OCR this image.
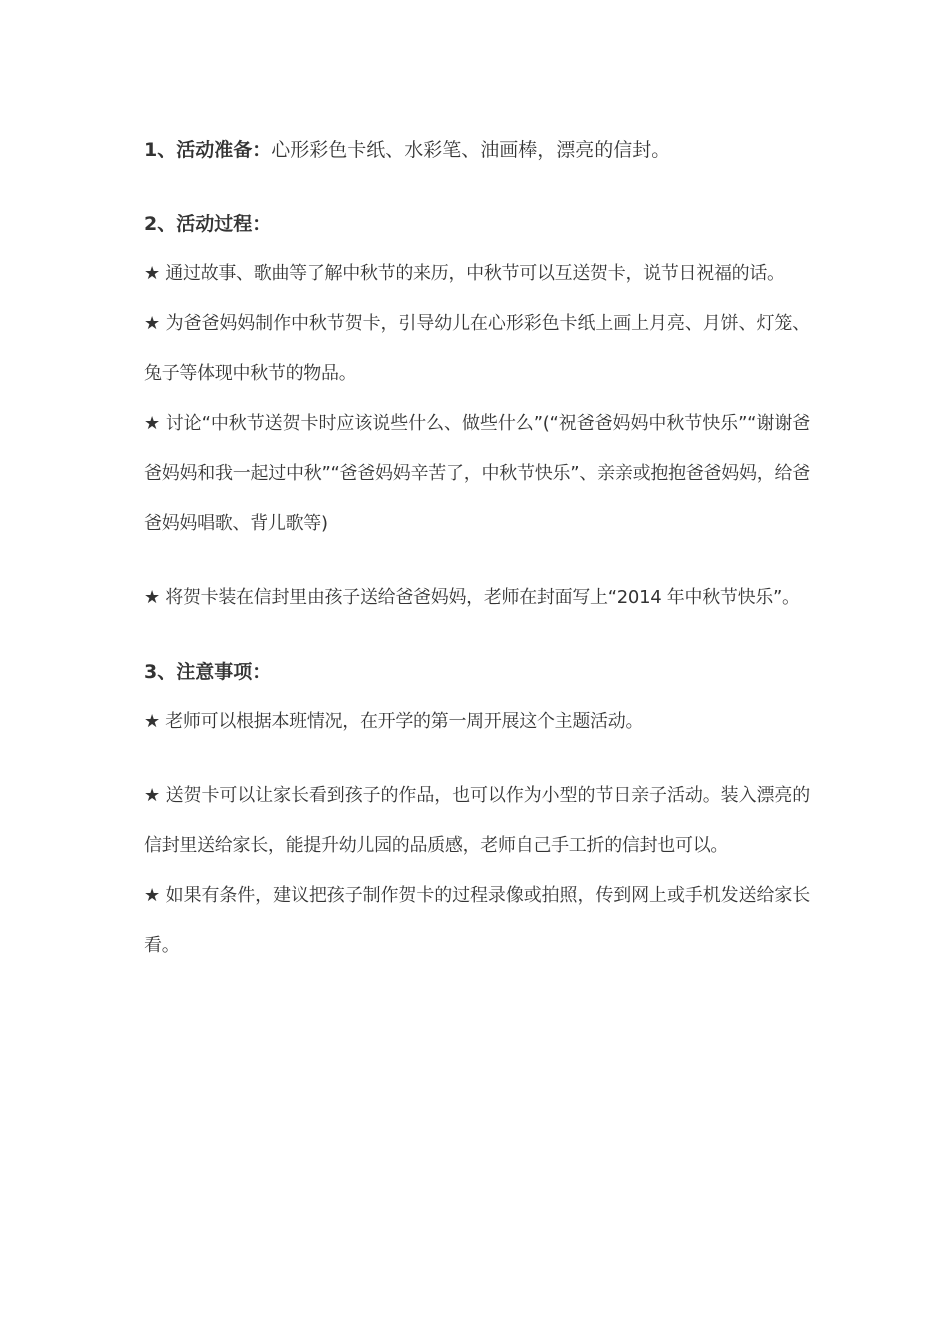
1、活动准备：心形彩色卡纸、水彩笔、油画棒，漂亮的信封。

2、活动过程：

★ 通过故事、歌曲等了解中秋节的来历，中秋节可以互送贺卡，说节日祝福的话。

★ 为爸爸妈妈制作中秋节贺卡，引导幼儿在心形彩色卡纸上画上月亮、月饼、灯笼、兔子等体现中秋节的物品。

★ 讨论“中秋节送贺卡时应该说些什么、做些什么”(“祝爸爸妈妈中秋节快乐”“谢谢爸爸妈妈和我一起过中秋”“爸爸妈妈辛苦了，中秋节快乐”、亲亲或抱抱爸爸妈妈，给爸爸妈妈唱歌、背儿歌等)

★ 将贺卡装在信封里由孩子送给爸爸妈妈，老师在封面写上“2014 年中秋节快乐”。

3、注意事项：

★ 老师可以根据本班情况，在开学的第一周开展这个主题活动。

★ 送贺卡可以让家长看到孩子的作品，也可以作为小型的节日亲子活动。装入漂亮的信封里送给家长，能提升幼儿园的品质感，老师自己手工折的信封也可以。

★ 如果有条件，建议把孩子制作贺卡的过程录像或拍照，传到网上或手机发送给家长看。
